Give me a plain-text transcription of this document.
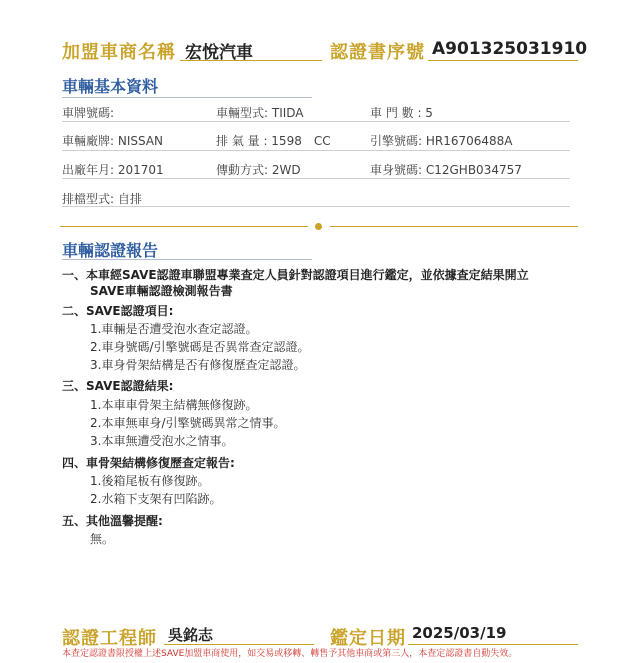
加盟車商名稱 宏悅汽車	認證書序號 A901325031910
車輛基本資料
車牌號碼:	車輛型式: TIIDA	車 門 數 : 5
車輛廠牌: NISSAN	排 氣 量 : 1598　CC	引擎號碼: HR16706488A
出廠年月: 201701	傳動方式: 2WD	車身號碼: C12GHB034757
排檔型式: 自排
車輛認證報告
一、本車經SAVE認證車聯盟專業查定人員針對認證項目進行鑑定，並依據查定結果開立
SAVE車輛認證檢測報告書
二、SAVE認證項目:
1.車輛是否遭受泡水查定認證。
2.車身號碼/引擎號碼是否異常查定認證。
3.車身骨架結構是否有修復歷查定認證。
三、SAVE認證結果:
1.本車車骨架主結構無修復跡。
2.本車無車身/引擎號碼異常之情事。
3.本車無遭受泡水之情事。
四、車骨架結構修復歷查定報告:
1.後箱尾板有修復跡。
2.水箱下支架有凹陷跡。
五、其他溫馨提醒:
無。
認證工程師 吳銘志	鑑定日期 2025/03/19
本查定認證書限授權上述SAVE加盟車商使用，如交易或移轉、轉售予其他車商或第三人，本查定認證書自動失效。
